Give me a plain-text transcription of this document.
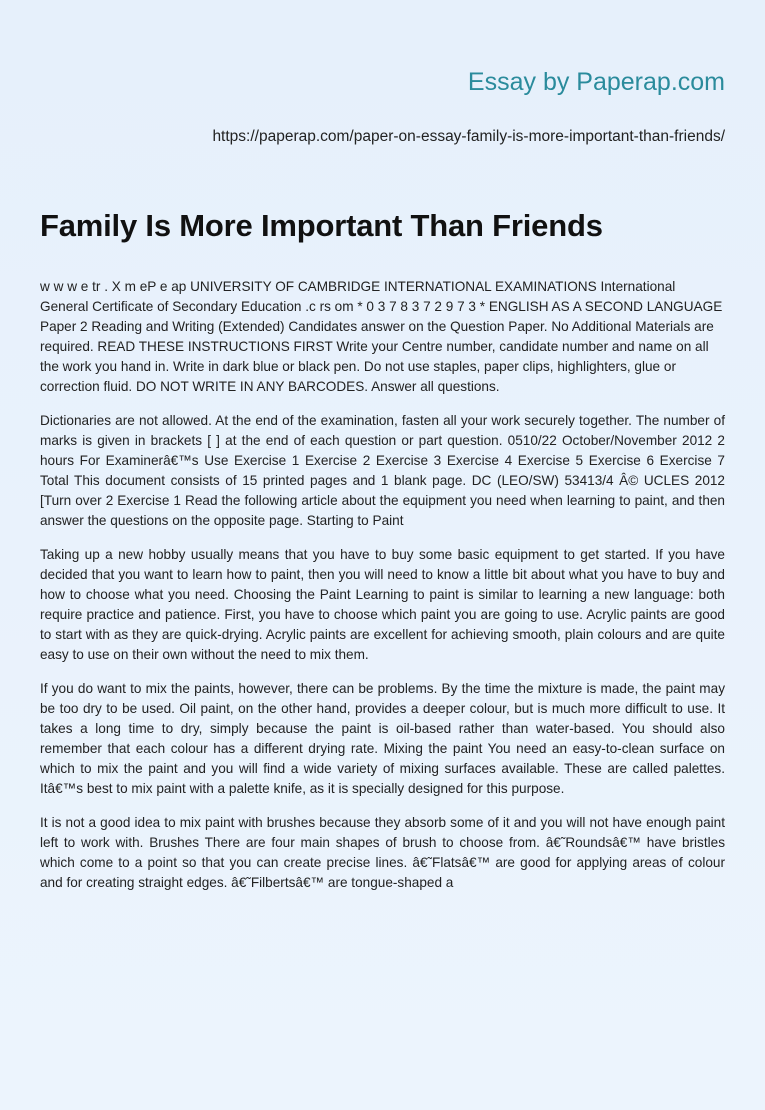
Essay by Paperap.com
https://paperap.com/paper-on-essay-family-is-more-important-than-friends/
Family Is More Important Than Friends

w w w e tr . X m eP e ap UNIVERSITY OF CAMBRIDGE INTERNATIONAL EXAMINATIONS International General Certificate of Secondary Education .c rs om * 0 3 7 8 3 7 2 9 7 3 * ENGLISH AS A SECOND LANGUAGE Paper 2 Reading and Writing (Extended) Candidates answer on the Question Paper. No Additional Materials are required. READ THESE INSTRUCTIONS FIRST Write your Centre number, candidate number and name on all the work you hand in. Write in dark blue or black pen. Do not use staples, paper clips, highlighters, glue or correction fluid. DO NOT WRITE IN ANY BARCODES. Answer all questions.

Dictionaries are not allowed. At the end of the examination, fasten all your work securely together. The number of marks is given in brackets [ ] at the end of each question or part question. 0510/22 October/November 2012 2 hours For Examinerâ€™s Use Exercise 1 Exercise 2 Exercise 3 Exercise 4 Exercise 5 Exercise 6 Exercise 7 Total This document consists of 15 printed pages and 1 blank page. DC (LEO/SW) 53413/4 Â© UCLES 2012 [Turn over 2 Exercise 1 Read the following article about the equipment you need when learning to paint, and then answer the questions on the opposite page. Starting to Paint

Taking up a new hobby usually means that you have to buy some basic equipment to get started. If you have decided that you want to learn how to paint, then you will need to know a little bit about what you have to buy and how to choose what you need. Choosing the Paint Learning to paint is similar to learning a new language: both require practice and patience. First, you have to choose which paint you are going to use. Acrylic paints are good to start with as they are quick-drying. Acrylic paints are excellent for achieving smooth, plain colours and are quite easy to use on their own without the need to mix them.

If you do want to mix the paints, however, there can be problems. By the time the mixture is made, the paint may be too dry to be used. Oil paint, on the other hand, provides a deeper colour, but is much more difficult to use. It takes a long time to dry, simply because the paint is oil-based rather than water-based. You should also remember that each colour has a different drying rate. Mixing the paint You need an easy-to-clean surface on which to mix the paint and you will find a wide variety of mixing surfaces available. These are called palettes. Itâ€™s best to mix paint with a palette knife, as it is specially designed for this purpose.

It is not a good idea to mix paint with brushes because they absorb some of it and you will not have enough paint left to work with. Brushes There are four main shapes of brush to choose from. â€˜Roundsâ€™ have bristles which come to a point so that you can create precise lines. â€˜Flatsâ€™ are good for applying areas of colour and for creating straight edges. â€˜Filbertsâ€™ are tongue-shaped a
